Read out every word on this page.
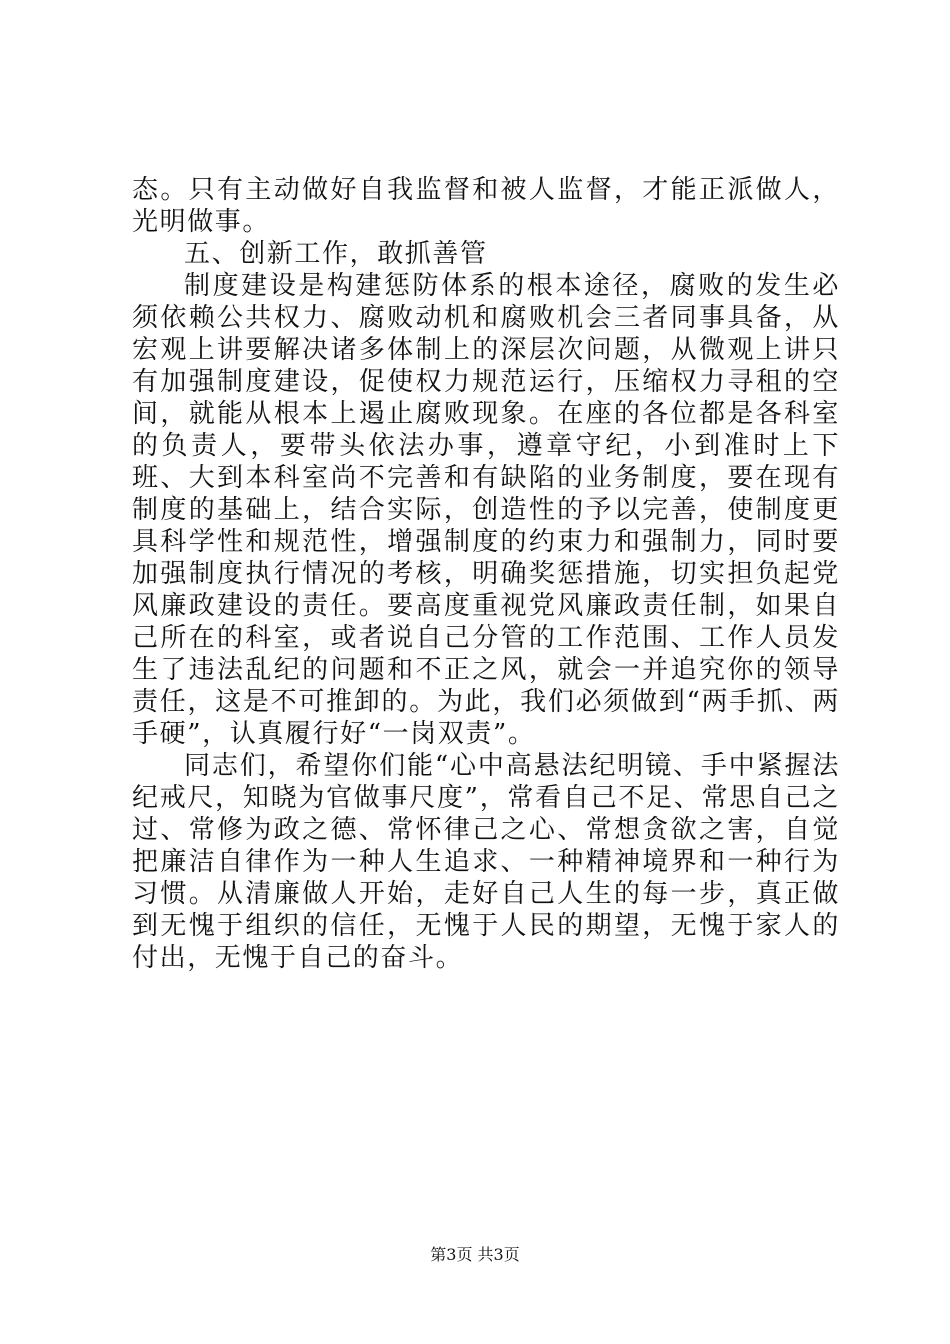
态。只有主动做好自我监督和被人监督，才能正派做人，光明做事。

五、创新工作，敢抓善管

制度建设是构建惩防体系的根本途径，腐败的发生必须依赖公共权力、腐败动机和腐败机会三者同事具备，从宏观上讲要解决诸多体制上的深层次问题，从微观上讲只有加强制度建设，促使权力规范运行，压缩权力寻租的空间，就能从根本上遏止腐败现象。在座的各位都是各科室的负责人，要带头依法办事，遵章守纪，小到准时上下班、大到本科室尚不完善和有缺陷的业务制度，要在现有制度的基础上，结合实际，创造性的予以完善，使制度更具科学性和规范性，增强制度的约束力和强制力，同时要加强制度执行情况的考核，明确奖惩措施，切实担负起党风廉政建设的责任。要高度重视党风廉政责任制，如果自己所在的科室，或者说自己分管的工作范围、工作人员发生了违法乱纪的问题和不正之风，就会一并追究你的领导责任，这是不可推卸的。为此，我们必须做到“两手抓、两手硬”，认真履行好“一岗双责”。

同志们，希望你们能“心中高悬法纪明镜、手中紧握法纪戒尺，知晓为官做事尺度”，常看自己不足、常思自己之过、常修为政之德、常怀律己之心、常想贪欲之害，自觉把廉洁自律作为一种人生追求、一种精神境界和一种行为习惯。从清廉做人开始，走好自己人生的每一步，真正做到无愧于组织的信任，无愧于人民的期望，无愧于家人的付出，无愧于自己的奋斗。

第3页 共3页
